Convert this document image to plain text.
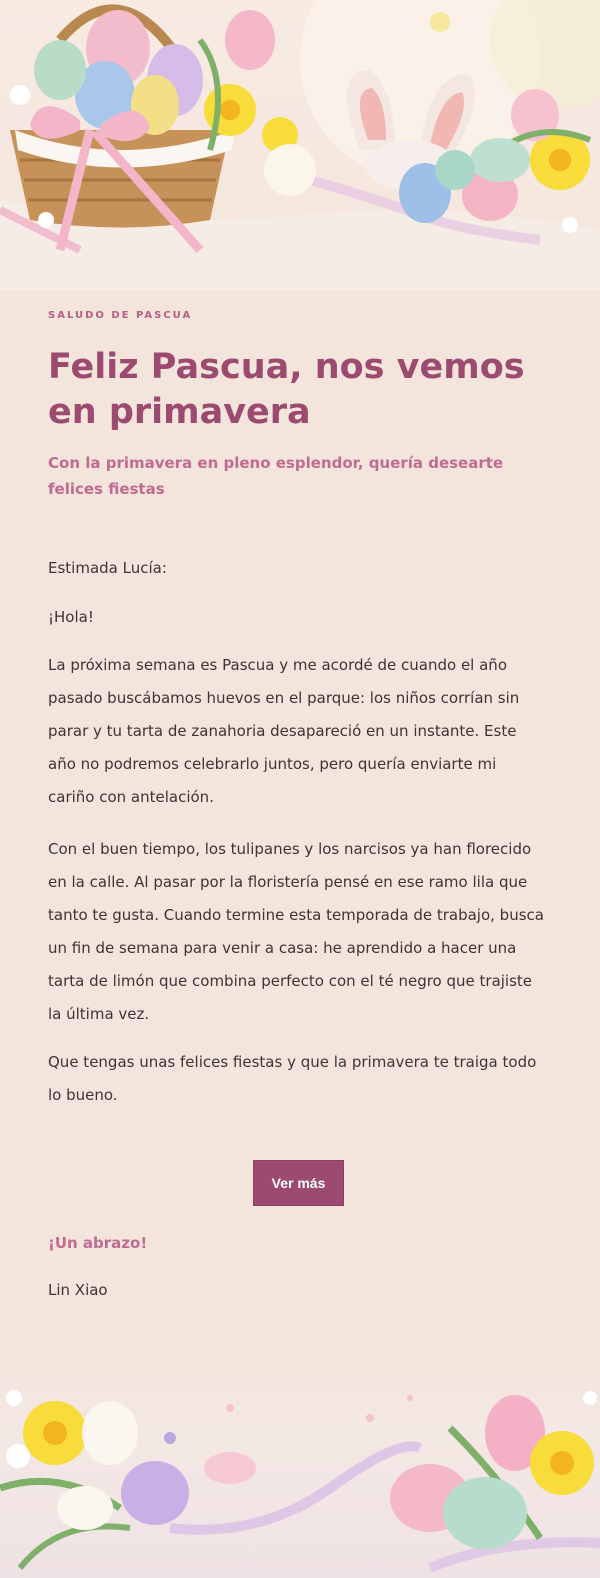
SALUDO DE PASCUA
Feliz Pascua, nos vemos en primavera
Con la primavera en pleno esplendor, quería desearte felices fiestas
Estimada Lucía:
¡Hola!
La próxima semana es Pascua y me acordé de cuando el año pasado buscábamos huevos en el parque: los niños corrían sin parar y tu tarta de zanahoria desapareció en un instante. Este año no podremos celebrarlo juntos, pero quería enviarte mi cariño con antelación.
Con el buen tiempo, los tulipanes y los narcisos ya han florecido en la calle. Al pasar por la floristería pensé en ese ramo lila que tanto te gusta. Cuando termine esta temporada de trabajo, busca un fin de semana para venir a casa: he aprendido a hacer una tarta de limón que combina perfecto con el té negro que trajiste la última vez.
Que tengas unas felices fiestas y que la primavera te traiga todo lo bueno.
Ver más
¡Un abrazo!
Lin Xiao
